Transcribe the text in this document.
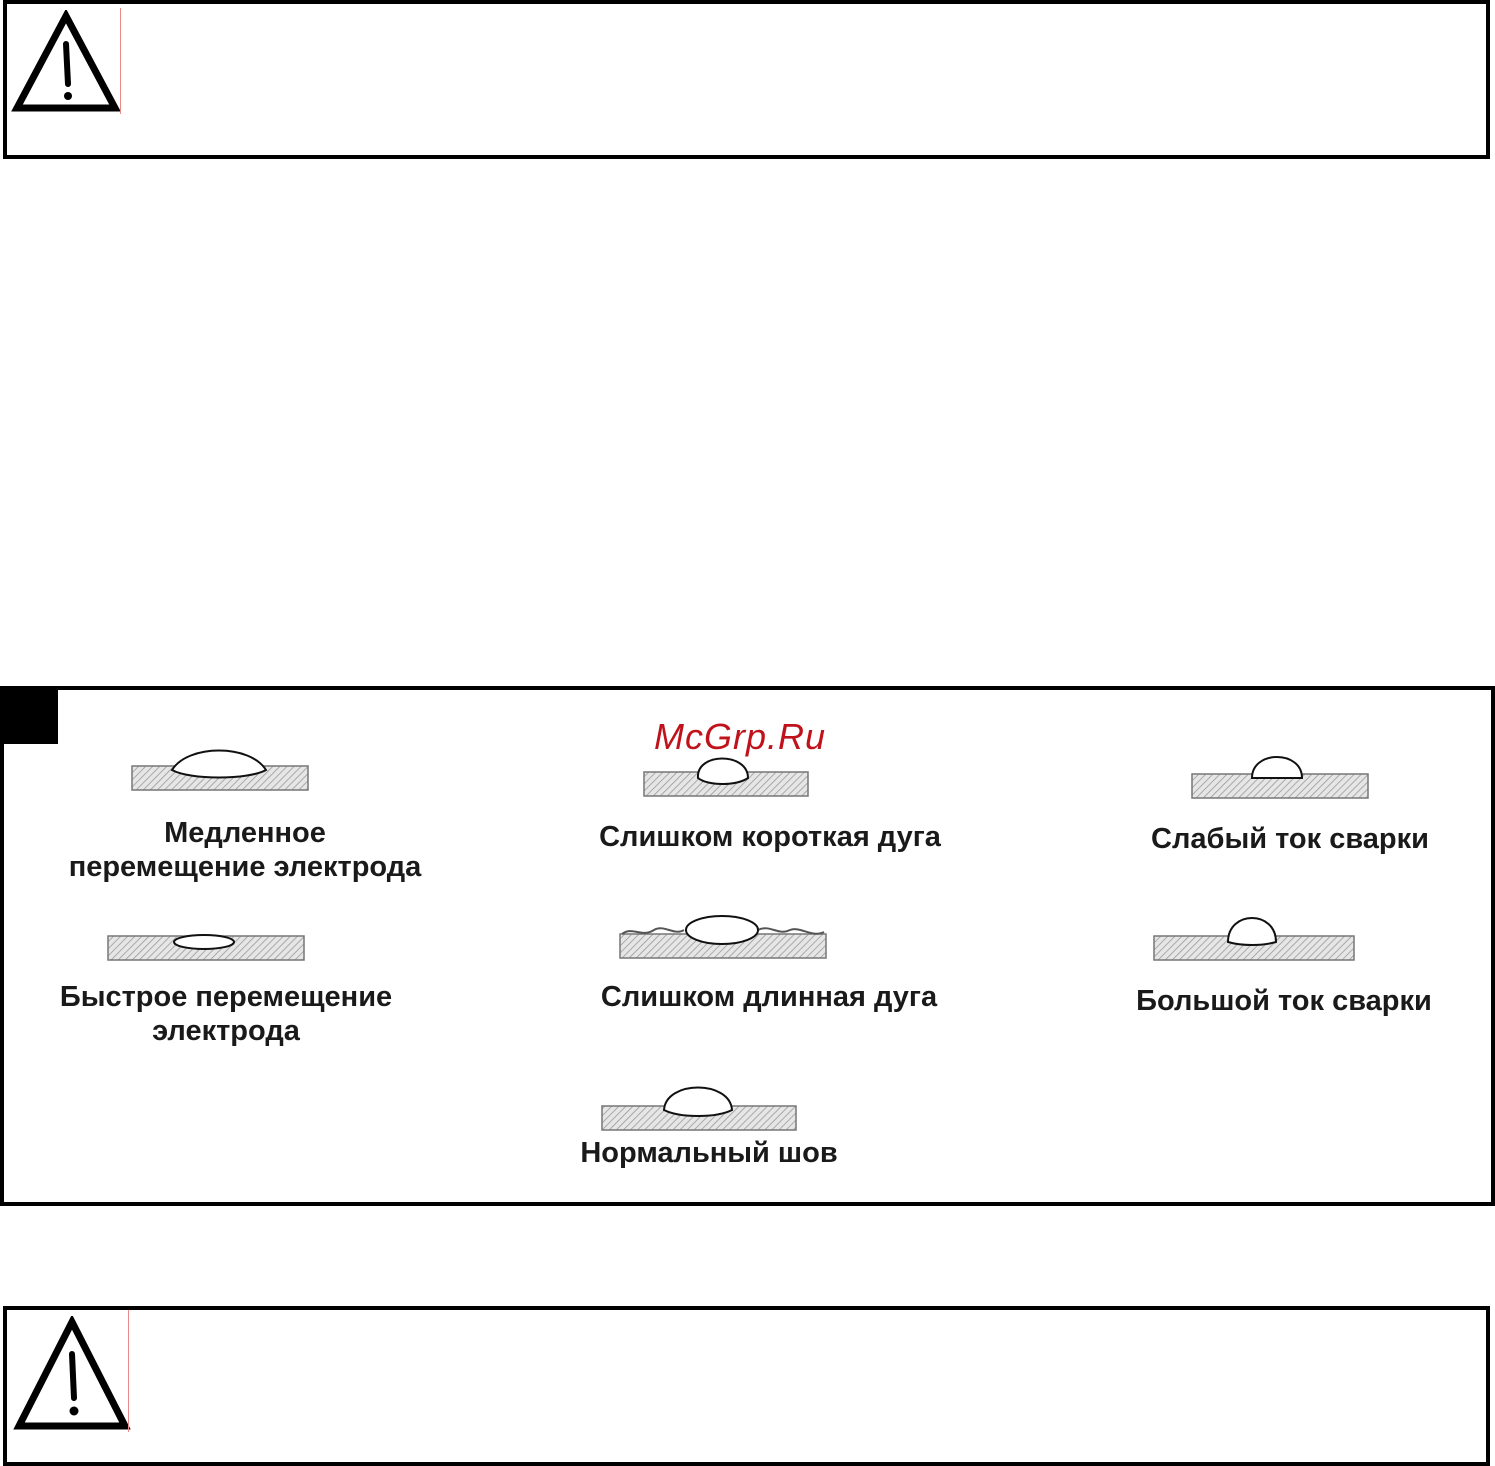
McGrp.Ru
Медленное
перемещение электрода
Слишком короткая дуга	Слабый ток сварки
Быстрое перемещение
электрода
Слишком длинная дуга	Большой ток сварки
Нормальный шов
